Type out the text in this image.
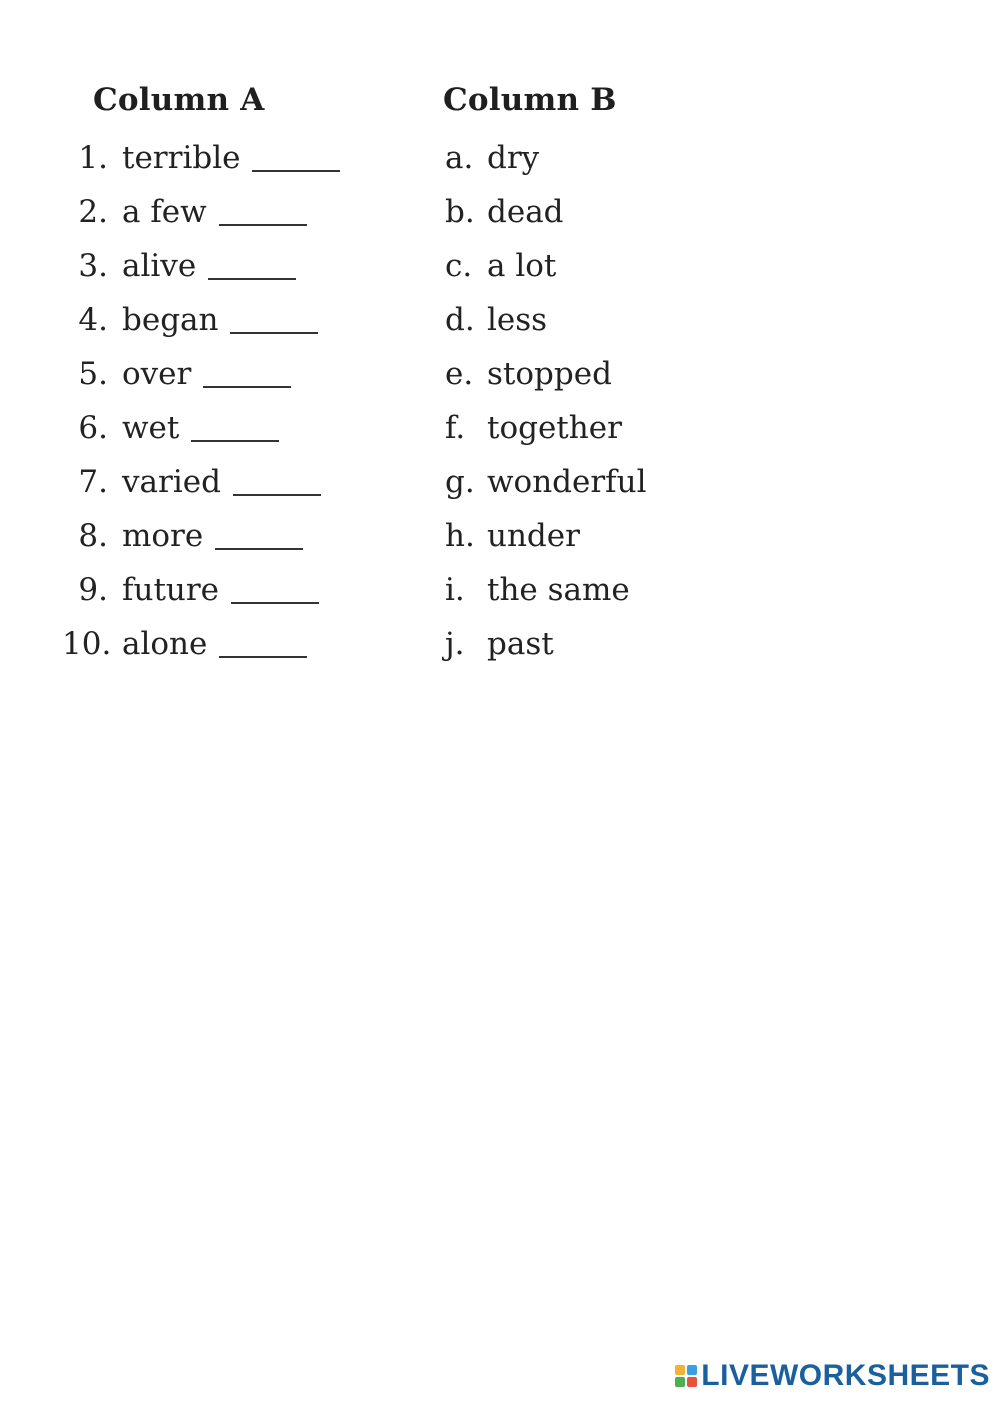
Column A	Column B
1. terrible
2. a few
3. alive
4. began
5. over
6. wet
7. varied
8. more
9. future
10. alone
a. dry
b. dead
c. a lot
d. less
e. stopped
f. together
g. wonderful
h. under
i. the same
j. past
LIVEWORKSHEETS
